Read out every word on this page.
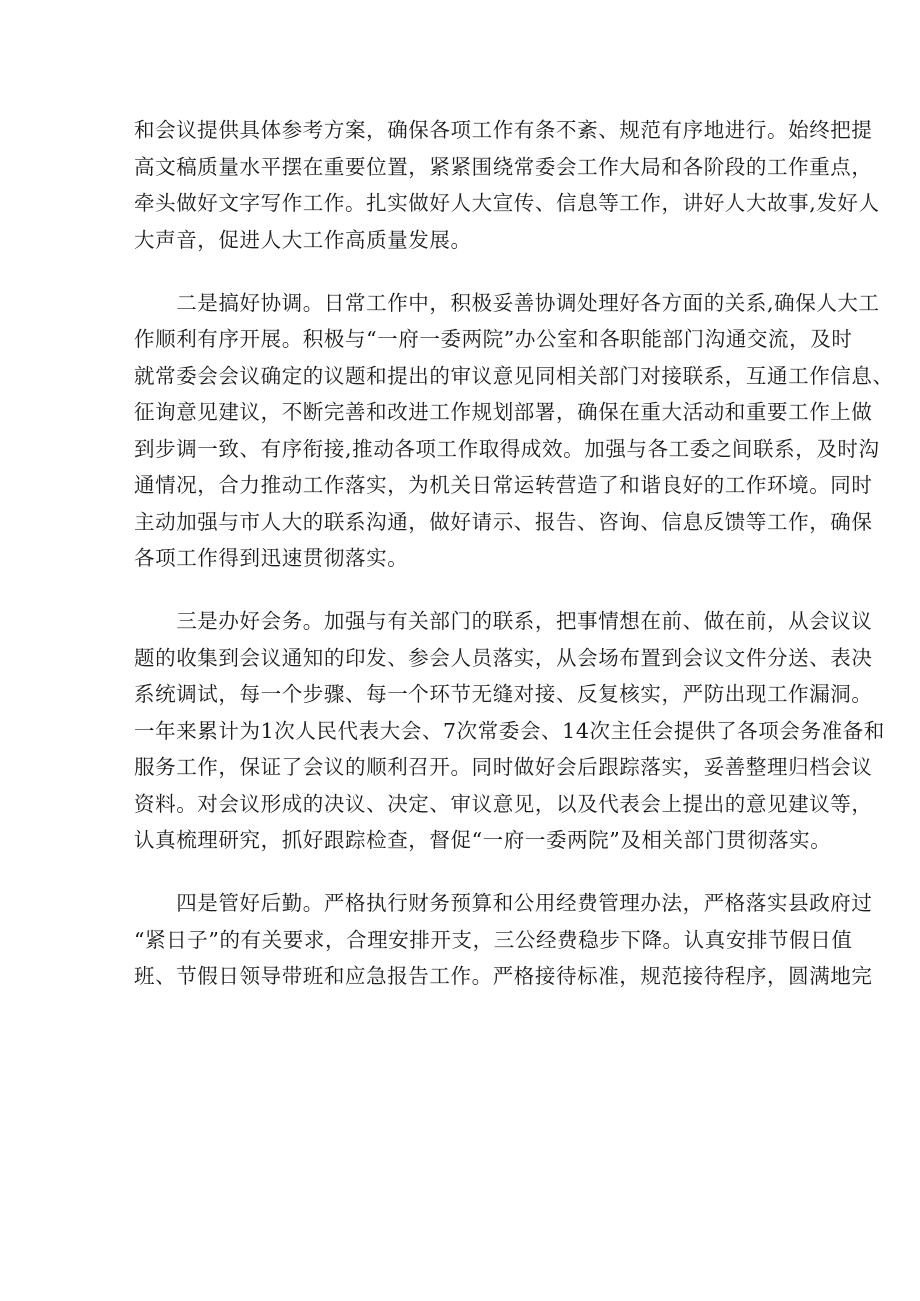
和会议提供具体参考方案，确保各项工作有条不紊、规范有序地进行。始终把提
高文稿质量水平摆在重要位置，紧紧围绕常委会工作大局和各阶段的工作重点，
牵头做好文字写作工作。扎实做好人大宣传、信息等工作，讲好人大故事,发好人
大声音，促进人大工作高质量发展。
　　二是搞好协调。日常工作中，积极妥善协调处理好各方面的关系,确保人大工
作顺利有序开展。积极与“一府一委两院”办公室和各职能部门沟通交流，及时
就常委会会议确定的议题和提出的审议意见同相关部门对接联系，互通工作信息、
征询意见建议，不断完善和改进工作规划部署，确保在重大活动和重要工作上做
到步调一致、有序衔接,推动各项工作取得成效。加强与各工委之间联系，及时沟
通情况，合力推动工作落实，为机关日常运转营造了和谐良好的工作环境。同时
主动加强与市人大的联系沟通，做好请示、报告、咨询、信息反馈等工作，确保
各项工作得到迅速贯彻落实。
　　三是办好会务。加强与有关部门的联系，把事情想在前、做在前，从会议议
题的收集到会议通知的印发、参会人员落实，从会场布置到会议文件分送、表决
系统调试，每一个步骤、每一个环节无缝对接、反复核实，严防出现工作漏洞。
一年来累计为1次人民代表大会、7次常委会、14次主任会提供了各项会务准备和
服务工作，保证了会议的顺利召开。同时做好会后跟踪落实，妥善整理归档会议
资料。对会议形成的决议、决定、审议意见，以及代表会上提出的意见建议等，
认真梳理研究，抓好跟踪检查，督促“一府一委两院”及相关部门贯彻落实。
　　四是管好后勤。严格执行财务预算和公用经费管理办法，严格落实县政府过
“紧日子”的有关要求，合理安排开支，三公经费稳步下降。认真安排节假日值
班、节假日领导带班和应急报告工作。严格接待标准，规范接待程序，圆满地完
